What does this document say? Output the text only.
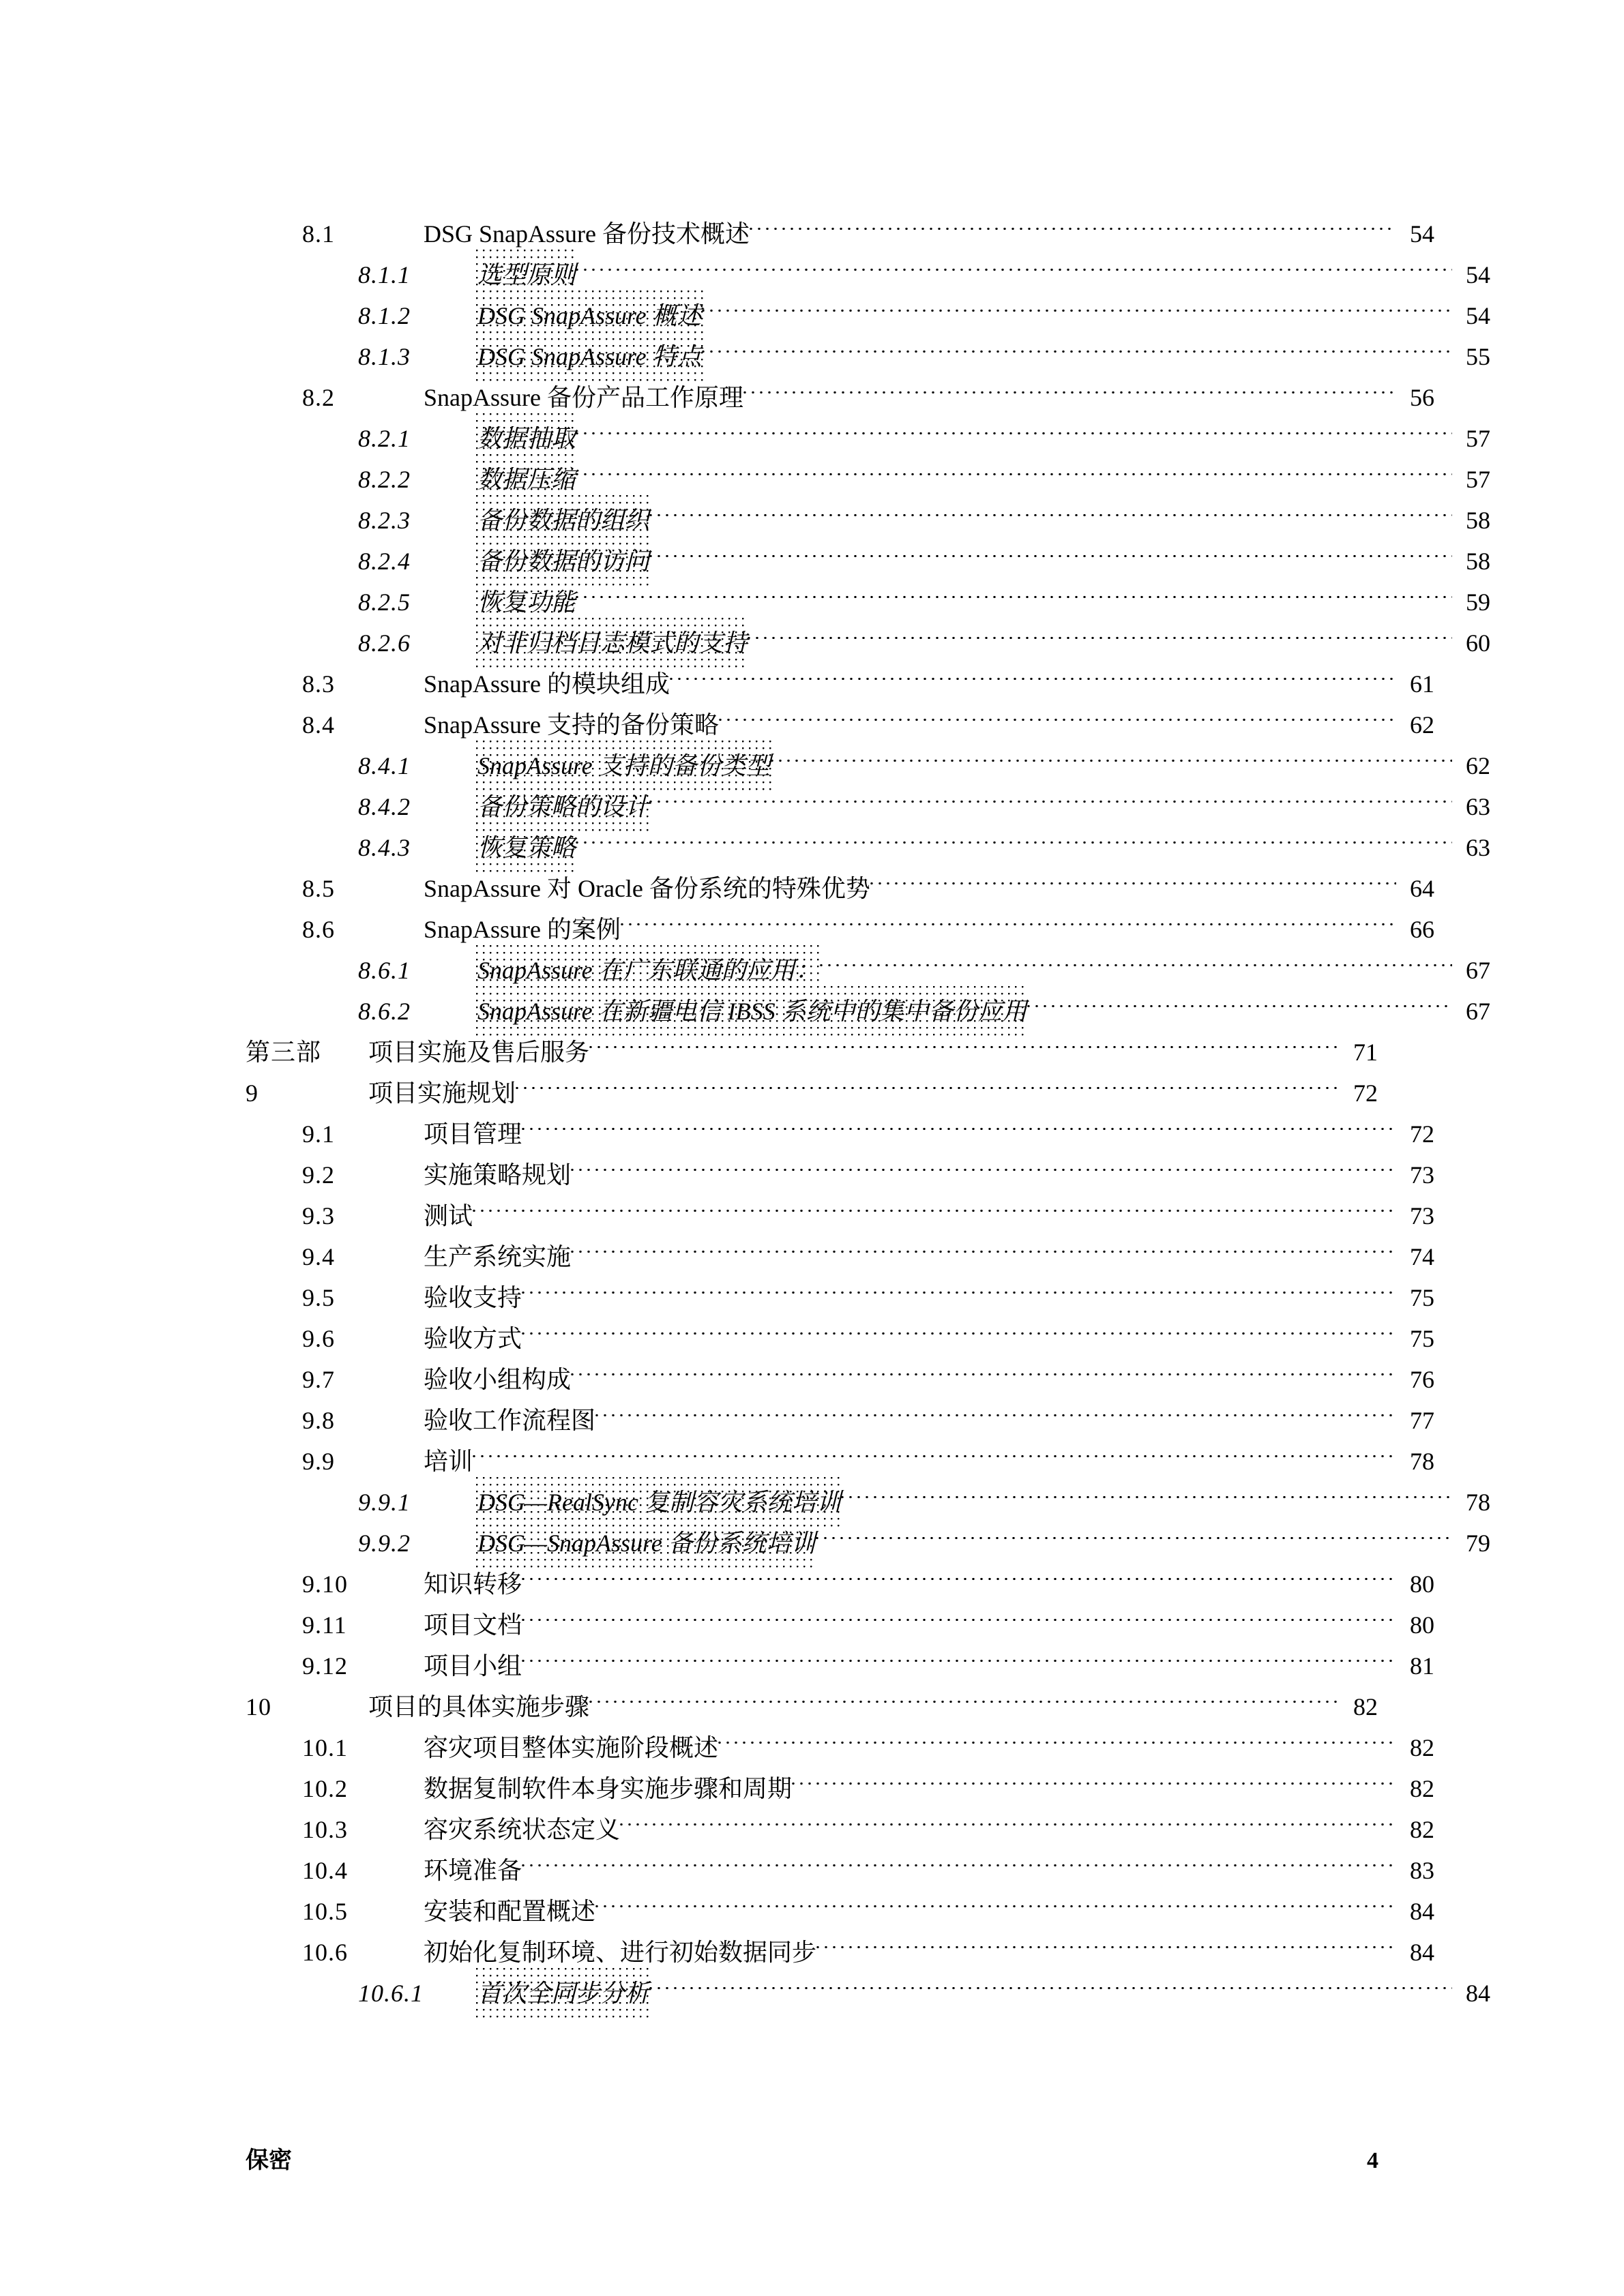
8.1	DSG SnapAssure 备份技术概述	54
8.1.1	选型原则	54
8.1.2	DSG SnapAssure 概述	54
8.1.3	DSG SnapAssure 特点	55
8.2	SnapAssure 备份产品工作原理	56
8.2.1	数据抽取	57
8.2.2	数据压缩	57
8.2.3	备份数据的组织	58
8.2.4	备份数据的访问	58
8.2.5	恢复功能	59
8.2.6	对非归档日志模式的支持	60
8.3	SnapAssure 的模块组成	61
8.4	SnapAssure 支持的备份策略	62
8.4.1	SnapAssure 支持的备份类型	62
8.4.2	备份策略的设计	63
8.4.3	恢复策略	63
8.5	SnapAssure 对 Oracle 备份系统的特殊优势	64
8.6	SnapAssure 的案例	66
8.6.1	SnapAssure 在广东联通的应用：	67
8.6.2	SnapAssure 在新疆电信 IBSS 系统中的集中备份应用	67
第三部	项目实施及售后服务	71
9	项目实施规划	72
9.1	项目管理	72
9.2	实施策略规划	73
9.3	测试	73
9.4	生产系统实施	74
9.5	验收支持	75
9.6	验收方式	75
9.7	验收小组构成	76
9.8	验收工作流程图	77
9.9	培训	78
9.9.1	DSG—RealSync 复制容灾系统培训	78
9.9.2	DSG—SnapAssure 备份系统培训	79
9.10	知识转移	80
9.11	项目文档	80
9.12	项目小组	81
10	项目的具体实施步骤	82
10.1	容灾项目整体实施阶段概述	82
10.2	数据复制软件本身实施步骤和周期	82
10.3	容灾系统状态定义	82
10.4	环境准备	83
10.5	安装和配置概述	84
10.6	初始化复制环境、进行初始数据同步	84
10.6.1	首次全同步分析	84
保密	4
